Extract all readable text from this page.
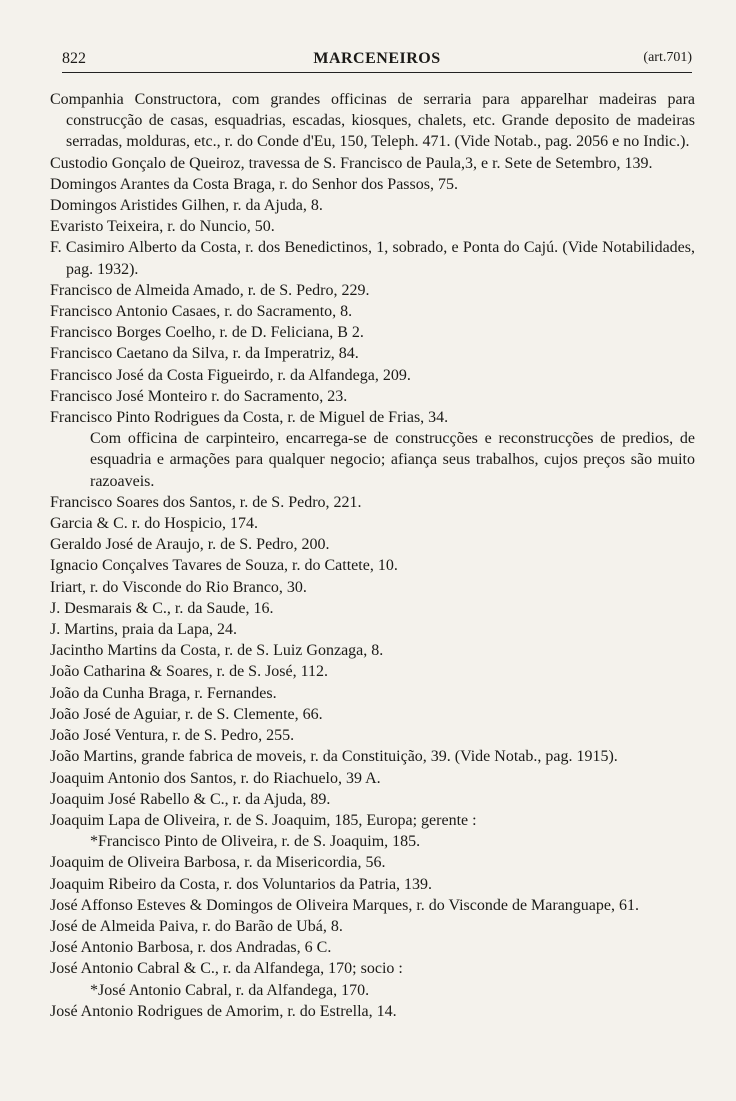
822	MARCENEIROS	(art.701)
Companhia Constructora, com grandes officinas de serraria para apparelhar madeiras para construcção de casas, esquadrias, escadas, kiosques, chalets, etc. Grande deposito de madeiras serradas, molduras, etc., r. do Conde d'Eu, 150, Teleph. 471. (Vide Notab., pag. 2056 e no Indic.).
Custodio Gonçalo de Queiroz, travessa de S. Francisco de Paula,3, e r. Sete de Setembro, 139.
Domingos Arantes da Costa Braga, r. do Senhor dos Passos, 75.
Domingos Aristides Gilhen, r. da Ajuda, 8.
Evaristo Teixeira, r. do Nuncio, 50.
F. Casimiro Alberto da Costa, r. dos Benedictinos, 1, sobrado, e Ponta do Cajú. (Vide Notabilidades, pag. 1932).
Francisco de Almeida Amado, r. de S. Pedro, 229.
Francisco Antonio Casaes, r. do Sacramento, 8.
Francisco Borges Coelho, r. de D. Feliciana, B 2.
Francisco Caetano da Silva, r. da Imperatriz, 84.
Francisco José da Costa Figueirdo, r. da Alfandega, 209.
Francisco José Monteiro r. do Sacramento, 23.
Francisco Pinto Rodrigues da Costa, r. de Miguel de Frias, 34.
Com officina de carpinteiro, encarrega-se de construcções e reconstrucções de predios, de esquadria e armações para qualquer negocio; afiança seus trabalhos, cujos preços são muito razoaveis.
Francisco Soares dos Santos, r. de S. Pedro, 221.
Garcia & C. r. do Hospicio, 174.
Geraldo José de Araujo, r. de S. Pedro, 200.
Ignacio Conçalves Tavares de Souza, r. do Cattete, 10.
Iriart, r. do Visconde do Rio Branco, 30.
J. Desmarais & C., r. da Saude, 16.
J. Martins, praia da Lapa, 24.
Jacintho Martins da Costa, r. de S. Luiz Gonzaga, 8.
João Catharina & Soares, r. de S. José, 112.
João da Cunha Braga, r. Fernandes.
João José de Aguiar, r. de S. Clemente, 66.
João José Ventura, r. de S. Pedro, 255.
João Martins, grande fabrica de moveis, r. da Constituição, 39. (Vide Notab., pag. 1915).
Joaquim Antonio dos Santos, r. do Riachuelo, 39 A.
Joaquim José Rabello & C., r. da Ajuda, 89.
Joaquim Lapa de Oliveira, r. de S. Joaquim, 185, Europa; gerente :
*Francisco Pinto de Oliveira, r. de S. Joaquim, 185.
Joaquim de Oliveira Barbosa, r. da Misericordia, 56.
Joaquim Ribeiro da Costa, r. dos Voluntarios da Patria, 139.
José Affonso Esteves & Domingos de Oliveira Marques, r. do Visconde de Maranguape, 61.
José de Almeida Paiva, r. do Barão de Ubá, 8.
José Antonio Barbosa, r. dos Andradas, 6 C.
José Antonio Cabral & C., r. da Alfandega, 170; socio :
*José Antonio Cabral, r. da Alfandega, 170.
José Antonio Rodrigues de Amorim, r. do Estrella, 14.
